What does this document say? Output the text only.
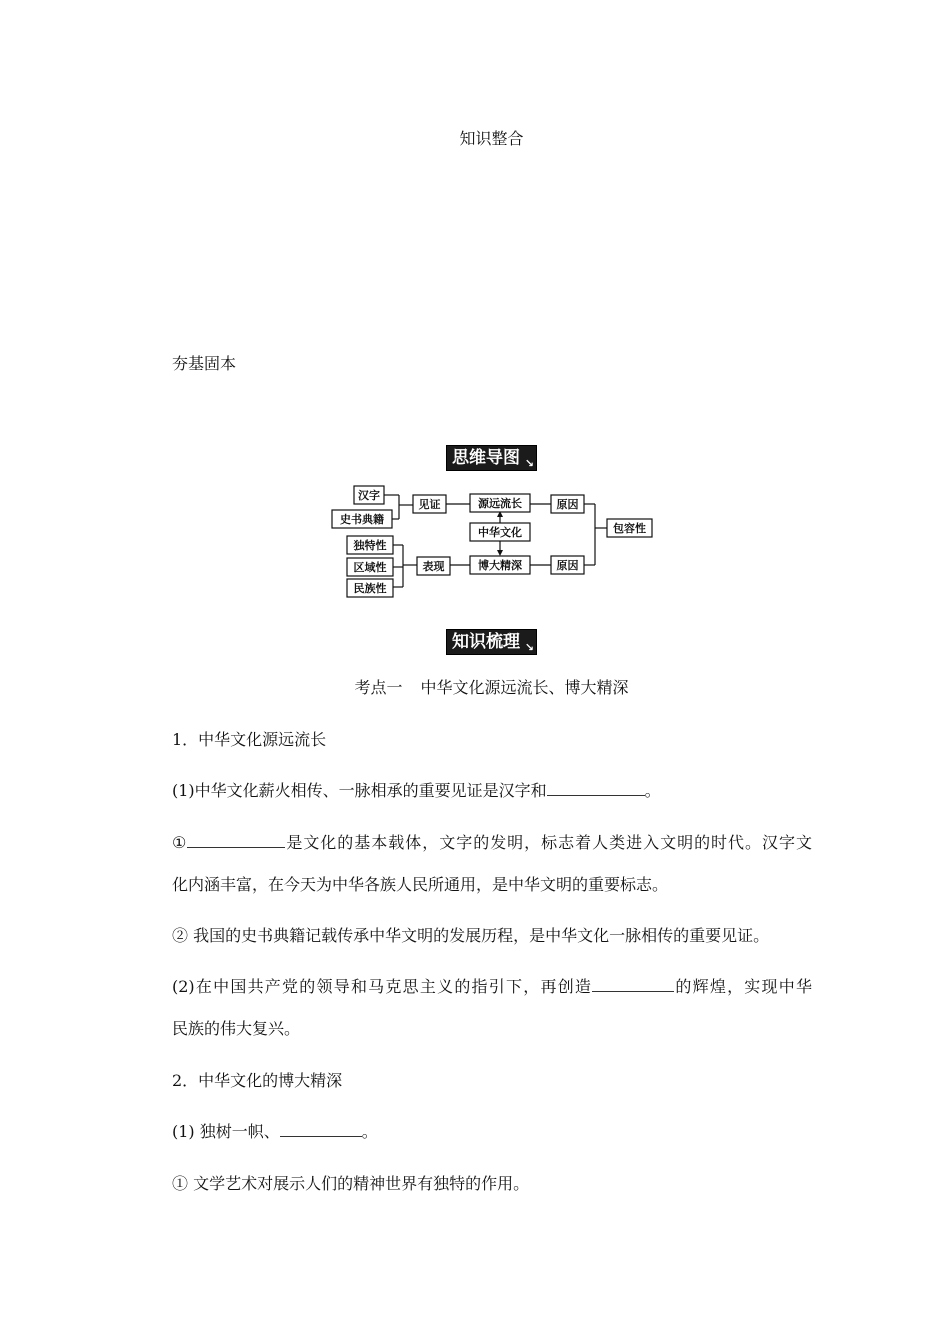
知识整合
夯基固本
思维导图 ↘
汉字
史书典籍
见证	源远流长	原因
中华文化	包容性
独特性
区域性
民族性
表现	博大精深	原因
知识梳理 ↘
考点一 中华文化源远流长、博大精深
1．中华文化源远流长
(1)中华文化薪火相传、一脉相承的重要见证是汉字和	。
①	是文化的基本载体，文字的发明，标志着人类进入文明的时代。汉字文
化内涵丰富，在今天为中华各族人民所通用，是中华文明的重要标志。
② 我国的史书典籍记载传承中华文明的发展历程，是中华文化一脉相传的重要见证。
(2)在中国共产党的领导和马克思主义的指引下，再创造	的辉煌，实现中华
民族的伟大复兴。
2．中华文化的博大精深
(1) 独树一帜、	。
① 文学艺术对展示人们的精神世界有独特的作用。
